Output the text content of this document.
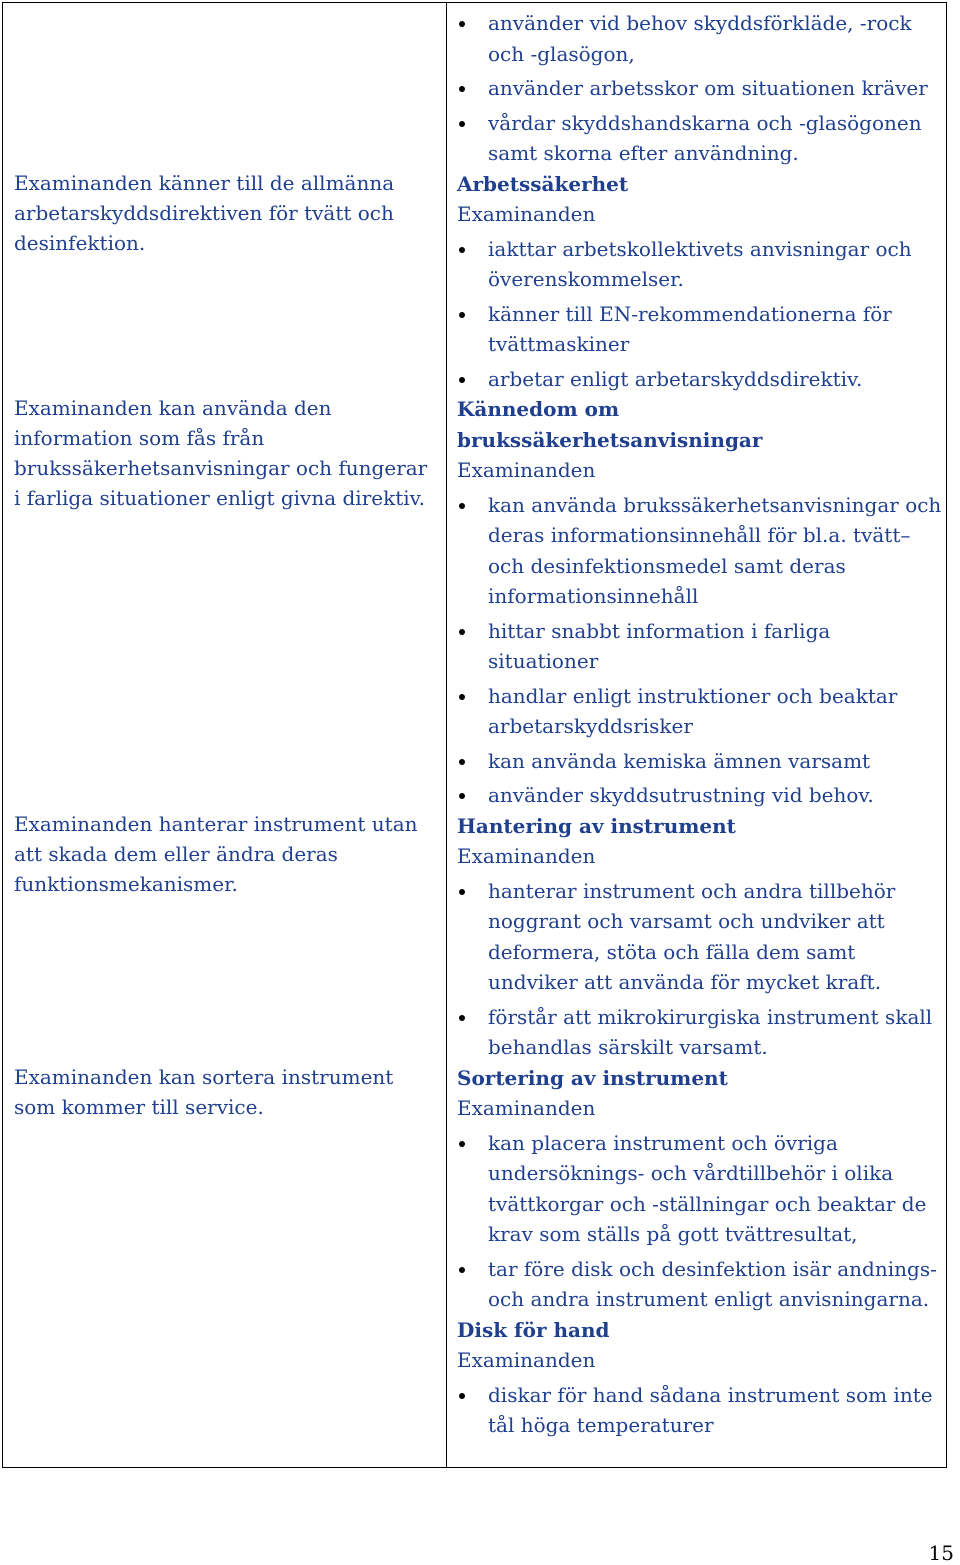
Examinanden känner till de allmänna arbetarskyddsdirektiven för tvätt och desinfektion.
Examinanden kan använda den information som fås från brukssäkerhetsanvisningar och fungerar i farliga situationer enligt givna direktiv.
Examinanden hanterar instrument utan att skada dem eller ändra deras funktionsmekanismer.
Examinanden kan sortera instrument som kommer till service.
använder vid behov skyddsförkläde, -rock och -glasögon,
använder arbetsskor om situationen kräver
vårdar skyddshandskarna och -glasögonen samt skorna efter användning.
Arbetssäkerhet
Examinanden
iakttar arbetskollektivets anvisningar och överenskommelser.
känner till EN-rekommendationerna för tvättmaskiner
arbetar enligt arbetarskyddsdirektiv.
Kännedom om brukssäkerhetsanvisningar
Examinanden
kan använda brukssäkerhetsanvisningar och deras informationsinnehåll för bl.a. tvätt– och desinfektionsmedel samt deras informationsinnehåll
hittar snabbt information i farliga situationer
handlar enligt instruktioner och beaktar arbetarskyddsrisker
kan använda kemiska ämnen varsamt
använder skyddsutrustning vid behov.
Hantering av instrument
Examinanden
hanterar instrument och andra tillbehör noggrant och varsamt och undviker att deformera, stöta och fälla dem samt undviker att använda för mycket kraft.
förstår att mikrokirurgiska instrument skall behandlas särskilt varsamt.
Sortering av instrument
Examinanden
kan placera instrument och övriga undersöknings- och vårdtillbehör i olika tvättkorgar och -ställningar och beaktar de krav som ställs på gott tvättresultat,
tar före disk och desinfektion isär andnings- och andra instrument enligt anvisningarna.
Disk för hand
Examinanden
diskar för hand sådana instrument som inte tål höga temperaturer
15
